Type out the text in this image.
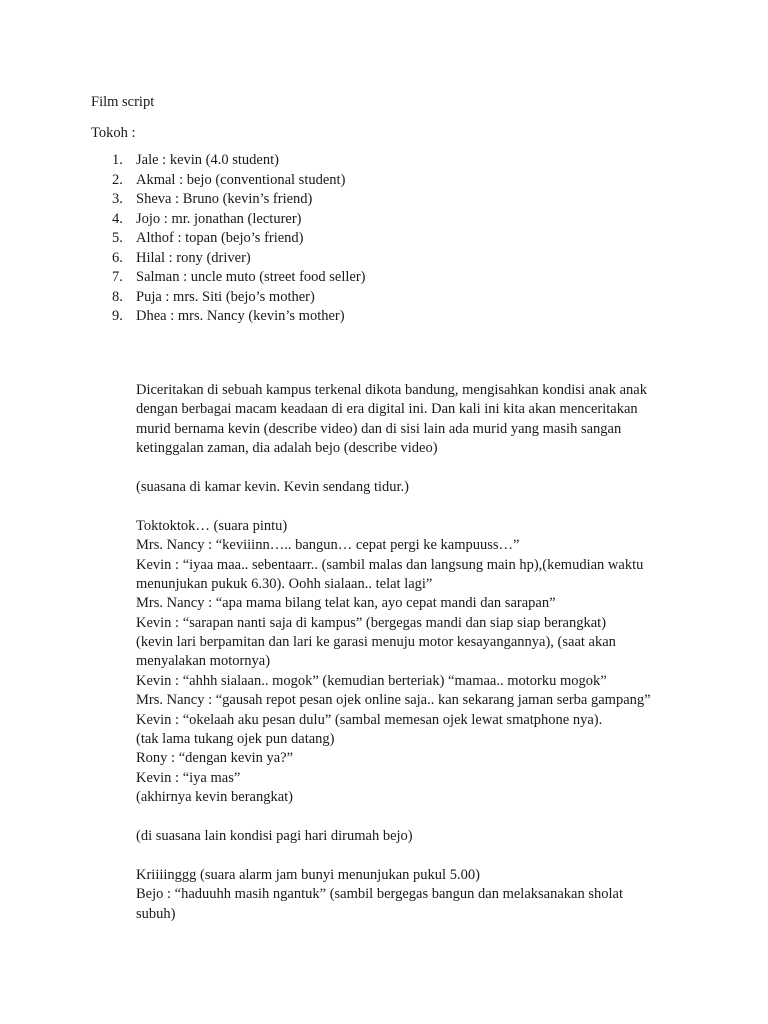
Film script
Tokoh :
1. Jale : kevin (4.0 student)
2. Akmal : bejo (conventional student)
3. Sheva : Bruno (kevin’s friend)
4. Jojo : mr. jonathan (lecturer)
5. Althof : topan (bejo’s friend)
6. Hilal : rony (driver)
7. Salman : uncle muto (street food seller)
8. Puja : mrs. Siti (bejo’s mother)
9. Dhea : mrs. Nancy (kevin’s mother)
Diceritakan di sebuah kampus terkenal dikota bandung, mengisahkan kondisi anak anak
dengan berbagai macam keadaan di era digital ini. Dan kali ini kita akan menceritakan
murid bernama kevin (describe video) dan di sisi lain ada murid yang masih sangan
ketinggalan zaman, dia adalah bejo (describe video)
(suasana di kamar kevin. Kevin sendang tidur.)
Toktoktok… (suara pintu)
Mrs. Nancy : “keviiinn….. bangun… cepat pergi ke kampuuss…”
Kevin : “iyaa maa.. sebentaarr.. (sambil malas dan langsung main hp),(kemudian waktu
menunjukan pukuk 6.30). Oohh sialaan.. telat lagi”
Mrs. Nancy : “apa mama bilang telat kan, ayo cepat mandi dan sarapan”
Kevin : “sarapan nanti saja di kampus” (bergegas mandi dan siap siap berangkat)
(kevin lari berpamitan dan lari ke garasi menuju motor kesayangannya), (saat akan
menyalakan motornya)
Kevin : “ahhh sialaan.. mogok” (kemudian berteriak) “mamaa.. motorku mogok”
Mrs. Nancy : “gausah repot pesan ojek online saja.. kan sekarang jaman serba gampang”
Kevin : “okelaah aku pesan dulu” (sambal memesan ojek lewat smatphone nya).
(tak lama tukang ojek pun datang)
Rony : “dengan kevin ya?”
Kevin : “iya mas”
(akhirnya kevin berangkat)
(di suasana lain kondisi pagi hari dirumah bejo)
Kriiiinggg (suara alarm jam bunyi menunjukan pukul 5.00)
Bejo : “haduuhh masih ngantuk” (sambil bergegas bangun dan melaksanakan sholat
subuh)
